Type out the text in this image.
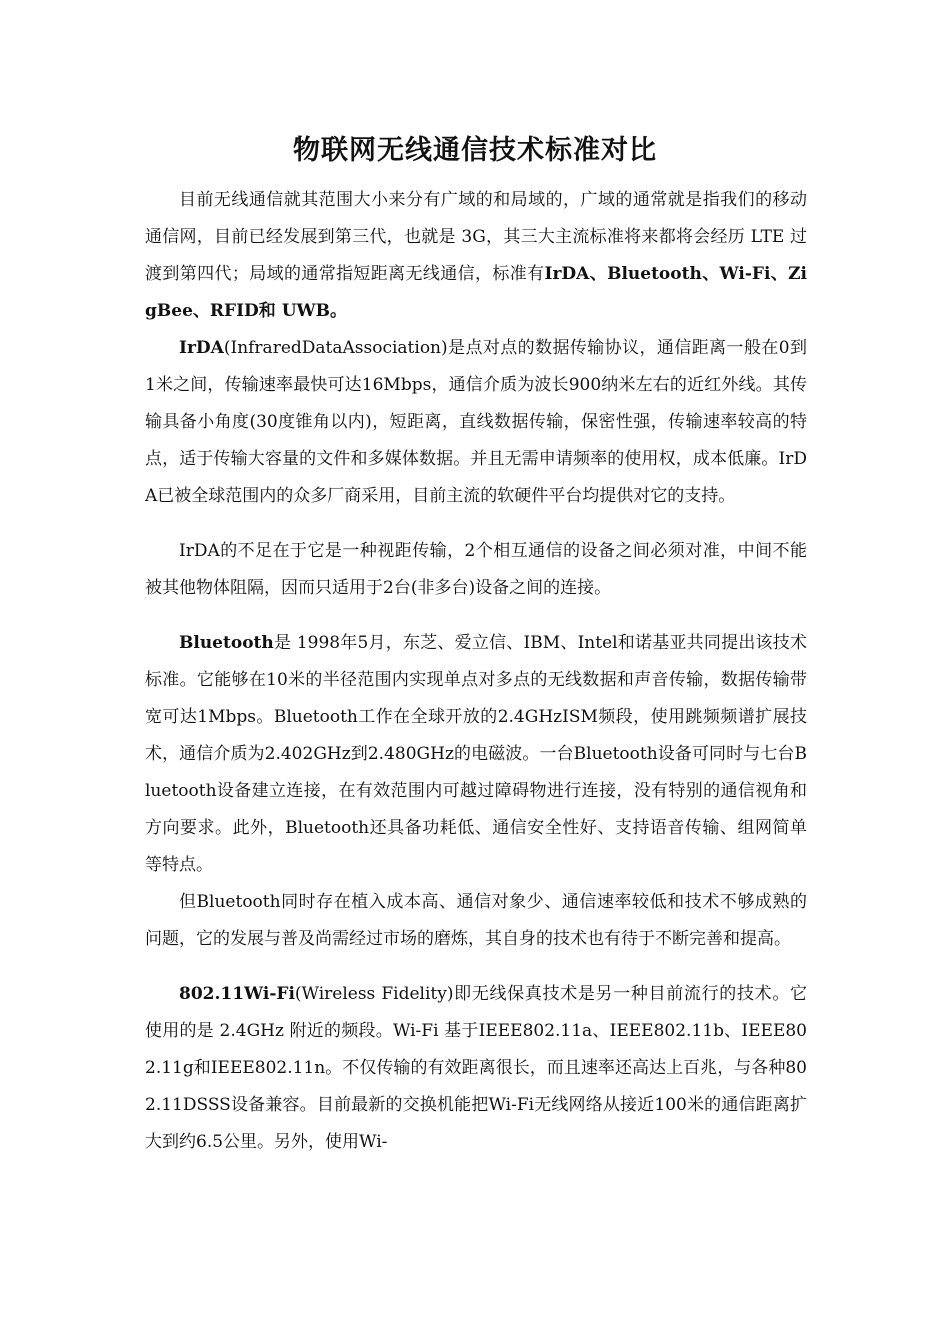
物联网无线通信技术标准对比

目前无线通信就其范围大小来分有广域的和局域的，广域的通常就是指我们的移动通信网，目前已经发展到第三代，也就是 3G，其三大主流标准将来都将会经历 LTE 过渡到第四代；局域的通常指短距离无线通信，标准有IrDA、Bluetooth、Wi-Fi、ZigBee、RFID和 UWB。

IrDA(InfraredDataAssociation)是点对点的数据传输协议，通信距离一般在0到1米之间，传输速率最快可达16Mbps，通信介质为波长900纳米左右的近红外线。其传输具备小角度(30度锥角以内)，短距离，直线数据传输，保密性强，传输速率较高的特点，适于传输大容量的文件和多媒体数据。并且无需申请频率的使用权，成本低廉。IrDA已被全球范围内的众多厂商采用，目前主流的软硬件平台均提供对它的支持。

IrDA的不足在于它是一种视距传输，2个相互通信的设备之间必须对准，中间不能被其他物体阻隔，因而只适用于2台(非多台)设备之间的连接。

Bluetooth是 1998年5月，东芝、爱立信、IBM、Intel和诺基亚共同提出该技术标准。它能够在10米的半径范围内实现单点对多点的无线数据和声音传输，数据传输带宽可达1Mbps。Bluetooth工作在全球开放的2.4GHzISM频段，使用跳频频谱扩展技术，通信介质为2.402GHz到2.480GHz的电磁波。一台Bluetooth设备可同时与七台Bluetooth设备建立连接，在有效范围内可越过障碍物进行连接，没有特别的通信视角和方向要求。此外，Bluetooth还具备功耗低、通信安全性好、支持语音传输、组网简单等特点。

但Bluetooth同时存在植入成本高、通信对象少、通信速率较低和技术不够成熟的问题，它的发展与普及尚需经过市场的磨炼，其自身的技术也有待于不断完善和提高。

802.11Wi-Fi(Wireless Fidelity)即无线保真技术是另一种目前流行的技术。它使用的是 2.4GHz 附近的频段。Wi-Fi 基于IEEE802.11a、IEEE802.11b、IEEE802.11g和IEEE802.11n。不仅传输的有效距离很长，而且速率还高达上百兆，与各种802.11DSSS设备兼容。目前最新的交换机能把Wi-Fi无线网络从接近100米的通信距离扩大到约6.5公里。另外，使用Wi-
